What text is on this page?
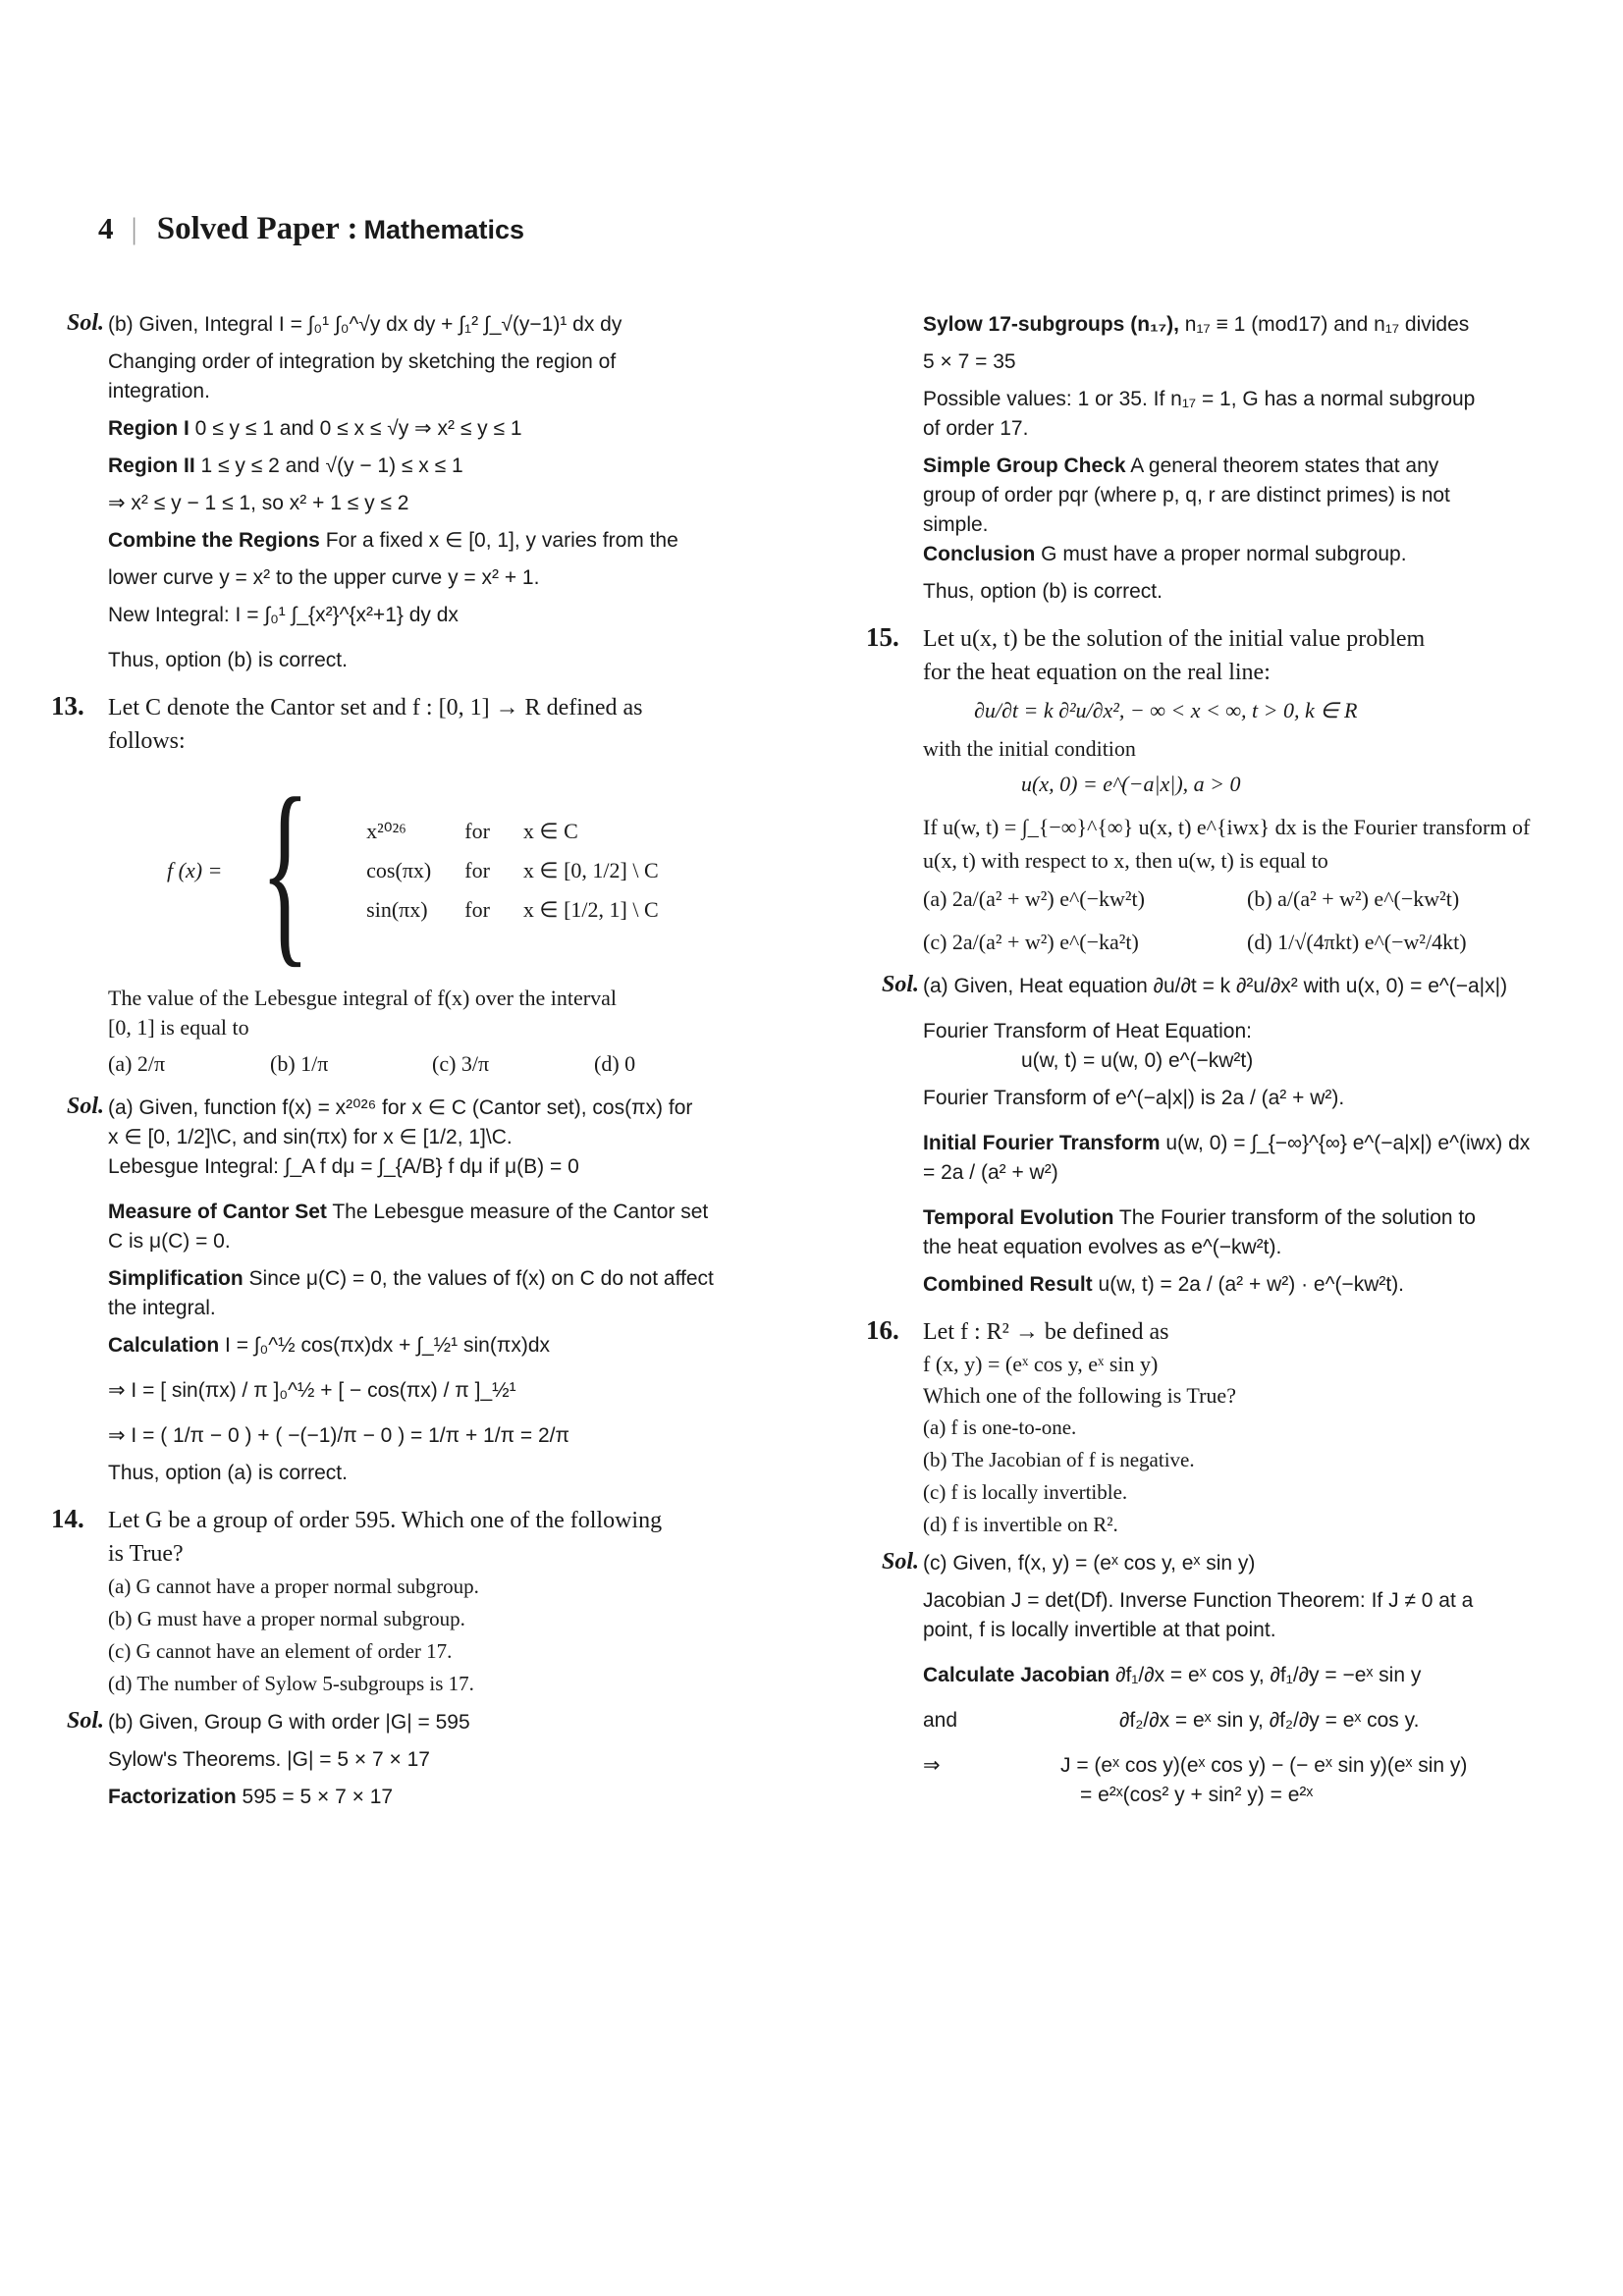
4 | Solved Paper : Mathematics
Sol. (b) Given, Integral I = ∫₀¹ ∫₀^√y dx dy + ∫₁² ∫_√(y−1)¹ dx dy

Changing order of integration by sketching the region of

integration.

Region I 0 ≤ y ≤ 1 and 0 ≤ x ≤ √y ⇒ x² ≤ y ≤ 1

Region II 1 ≤ y ≤ 2 and √(y − 1) ≤ x ≤ 1

⇒ x² ≤ y − 1 ≤ 1, so x² + 1 ≤ y ≤ 2

Combine the Regions For a fixed x ∈ [0, 1], y varies from the

lower curve y = x² to the upper curve y = x² + 1.

New Integral: I = ∫₀¹ ∫_{x²}^{x²+1} dy dx

Thus, option (b) is correct.

13. Let C denote the Cantor set and f : [0, 1] → R defined as

follows:

f (x) = {	x²⁰²⁶	for	x ∈ C
cos(πx)	for	x ∈ [0, 1/2] \ C
sin(πx)	for	x ∈ [1/2, 1] \ C

The value of the Lebesgue integral of f(x) over the interval

[0, 1] is equal to

(a) 2/π	(b) 1/π	(c) 3/π	(d) 0
Sol. (a) Given, function f(x) = x²⁰²⁶ for x ∈ C (Cantor set), cos(πx) for

x ∈ [0, 1/2]\C, and sin(πx) for x ∈ [1/2, 1]\C.

Lebesgue Integral: ∫_A f dμ = ∫_{A/B} f dμ if μ(B) = 0

Measure of Cantor Set The Lebesgue measure of the Cantor set

C is μ(C) = 0.

Simplification Since μ(C) = 0, the values of f(x) on C do not affect

the integral.

Calculation I = ∫₀^½ cos(πx)dx + ∫_½¹ sin(πx)dx

⇒ I = [ sin(πx) / π ]₀^½ + [ − cos(πx) / π ]_½¹

⇒ I = ( 1/π − 0 ) + ( −(−1)/π − 0 ) = 1/π + 1/π = 2/π

Thus, option (a) is correct.

14. Let G be a group of order 595. Which one of the following

is True?

(a) G cannot have a proper normal subgroup.

(b) G must have a proper normal subgroup.

(c) G cannot have an element of order 17.

(d) The number of Sylow 5-subgroups is 17.

Sol. (b) Given, Group G with order |G| = 595

Sylow's Theorems. |G| = 5 × 7 × 17

Factorization 595 = 5 × 7 × 17

Sylow 17-subgroups (n₁₇), n₁₇ ≡ 1 (mod17) and n₁₇ divides

5 × 7 = 35

Possible values: 1 or 35. If n₁₇ = 1, G has a normal subgroup

of order 17.

Simple Group Check A general theorem states that any

group of order pqr (where p, q, r are distinct primes) is not

simple.

Conclusion G must have a proper normal subgroup.

Thus, option (b) is correct.

15. Let u(x, t) be the solution of the initial value problem

for the heat equation on the real line:

∂u/∂t = k ∂²u/∂x², − ∞ < x < ∞, t > 0, k ∈ R

with the initial condition

u(x, 0) = e^(−a|x|), a > 0

If u(w, t) = ∫_{−∞}^{∞} u(x, t) e^{iwx} dx is the Fourier transform of

u(x, t) with respect to x, then u(w, t) is equal to

(a) 2a/(a² + w²) e^(−kw²t)	(b) a/(a² + w²) e^(−kw²t)
(c) 2a/(a² + w²) e^(−ka²t)	(d) 1/√(4πkt) e^(−w²/4kt)
Sol. (a) Given, Heat equation ∂u/∂t = k ∂²u/∂x² with u(x, 0) = e^(−a|x|)

Fourier Transform of Heat Equation:

u(w, t) = u(w, 0) e^(−kw²t)

Fourier Transform of e^(−a|x|) is 2a / (a² + w²).

Initial Fourier Transform u(w, 0) = ∫_{−∞}^{∞} e^(−a|x|) e^(iwx) dx = 2a / (a² + w²)

Temporal Evolution The Fourier transform of the solution to

the heat equation evolves as e^(−kw²t).

Combined Result u(w, t) = 2a / (a² + w²) · e^(−kw²t).

16. Let f : R² → be defined as

f (x, y) = (eˣ cos y, eˣ sin y)

Which one of the following is True?

(a) f is one-to-one.

(b) The Jacobian of f is negative.

(c) f is locally invertible.

(d) f is invertible on R².

Sol. (c) Given, f(x, y) = (eˣ cos y, eˣ sin y)

Jacobian J = det(Df). Inverse Function Theorem: If J ≠ 0 at a

point, f is locally invertible at that point.

Calculate Jacobian ∂f₁/∂x = eˣ cos y, ∂f₁/∂y = −eˣ sin y

and	∂f₂/∂x = eˣ sin y, ∂f₂/∂y = eˣ cos y.

⇒	J = (eˣ cos y)(eˣ cos y) − (− eˣ sin y)(eˣ sin y)

= e²ˣ(cos² y + sin² y) = e²ˣ
